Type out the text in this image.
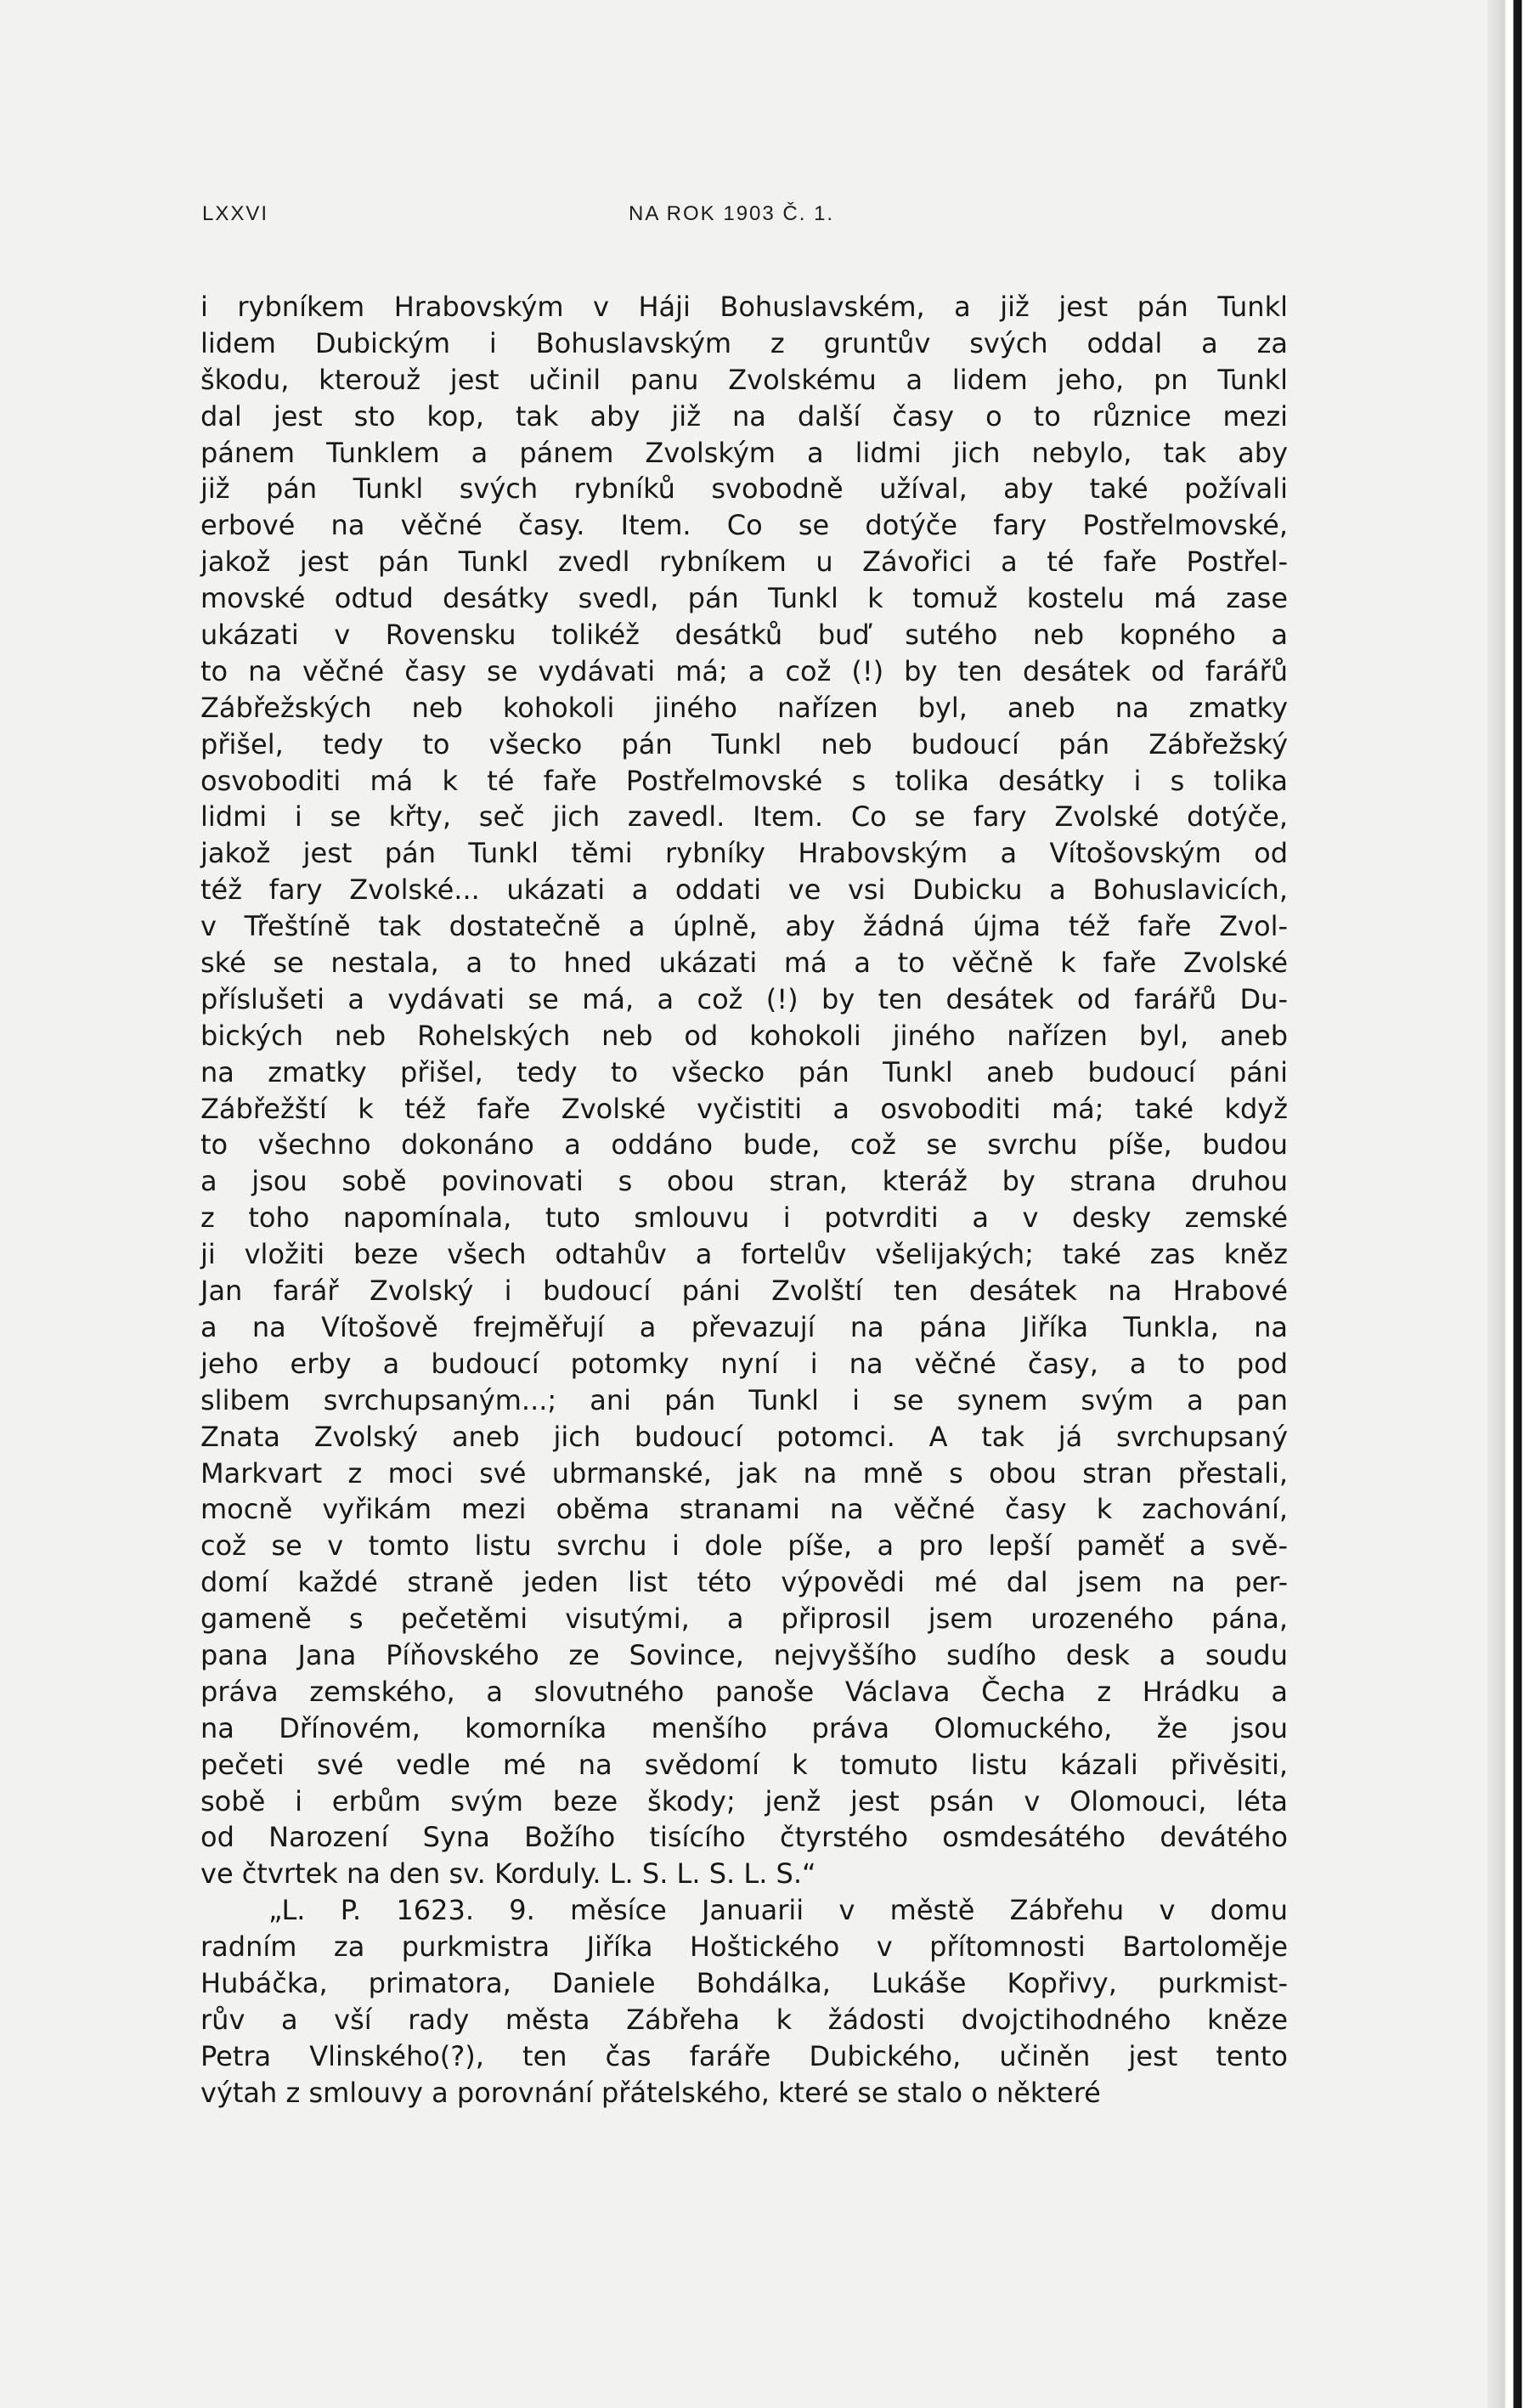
LXXVI	NA ROK 1903 Č. 1.
i rybníkem Hrabovským v Háji Bohuslavském, a již jest pán Tunkl
lidem Dubickým i Bohuslavským z gruntův svých oddal a za
škodu, kterouž jest učinil panu Zvolskému a lidem jeho, pn Tunkl
dal jest sto kop, tak aby již na další časy o to různice mezi
pánem Tunklem a pánem Zvolským a lidmi jich nebylo, tak aby
již pán Tunkl svých rybníků svobodně užíval, aby také požívali
erbové na věčné časy. Item. Co se dotýče fary Postřelmovské,
jakož jest pán Tunkl zvedl rybníkem u Závořici a té faře Postřel-
movské odtud desátky svedl, pán Tunkl k tomuž kostelu má zase
ukázati v Rovensku tolikéž desátků buď sutého neb kopného a
to na věčné časy se vydávati má; a což (!) by ten desátek od farářů
Zábřežských neb kohokoli jiného nařízen byl, aneb na zmatky
přišel, tedy to všecko pán Tunkl neb budoucí pán Zábřežský
osvoboditi má k té faře Postřelmovské s tolika desátky i s tolika
lidmi i se křty, seč jich zavedl. Item. Co se fary Zvolské dotýče,
jakož jest pán Tunkl těmi rybníky Hrabovským a Vítošovským od
též fary Zvolské... ukázati a oddati ve vsi Dubicku a Bohuslavicích,
v Třeštíně tak dostatečně a úplně, aby žádná újma též faře Zvol-
ské se nestala, a to hned ukázati má a to věčně k faře Zvolské
příslušeti a vydávati se má, a což (!) by ten desátek od farářů Du-
bických neb Rohelských neb od kohokoli jiného nařízen byl, aneb
na zmatky přišel, tedy to všecko pán Tunkl aneb budoucí páni
Zábřežští k též faře Zvolské vyčistiti a osvoboditi má; také když
to všechno dokonáno a oddáno bude, což se svrchu píše, budou
a jsou sobě povinovati s obou stran, kteráž by strana druhou
z toho napomínala, tuto smlouvu i potvrditi a v desky zemské
ji vložiti beze všech odtahův a fortelův všelijakých; také zas kněz
Jan farář Zvolský i budoucí páni Zvolští ten desátek na Hrabové
a na Vítošově frejměřují a převazují na pána Jiříka Tunkla, na
jeho erby a budoucí potomky nyní i na věčné časy, a to pod
slibem svrchupsaným...; ani pán Tunkl i se synem svým a pan
Znata Zvolský aneb jich budoucí potomci. A tak já svrchupsaný
Markvart z moci své ubrmanské, jak na mně s obou stran přestali,
mocně vyřikám mezi oběma stranami na věčné časy k zachování,
což se v tomto listu svrchu i dole píše, a pro lepší paměť a svě-
domí každé straně jeden list této výpovědi mé dal jsem na per-
gameně s pečetěmi visutými, a připrosil jsem urozeného pána,
pana Jana Píňovského ze Sovince, nejvyššího sudího desk a soudu
práva zemského, a slovutného panoše Václava Čecha z Hrádku a
na Dřínovém, komorníka menšího práva Olomuckého, že jsou
pečeti své vedle mé na svědomí k tomuto listu kázali přivěsiti,
sobě i erbům svým beze škody; jenž jest psán v Olomouci, léta
od Narození Syna Božího tisícího čtyrstého osmdesátého devátého
ve čtvrtek na den sv. Korduly. L. S. L. S. L. S.“
„L. P. 1623. 9. měsíce Januarii v městě Zábřehu v domu
radním za purkmistra Jiříka Hoštického v přítomnosti Bartoloměje
Hubáčka, primatora, Daniele Bohdálka, Lukáše Kopřivy, purkmist-
rův a vší rady města Zábřeha k žádosti dvojctihodného kněze
Petra Vlinského(?), ten čas faráře Dubického, učiněn jest tento
výtah z smlouvy a porovnání přátelského, které se stalo o některé
